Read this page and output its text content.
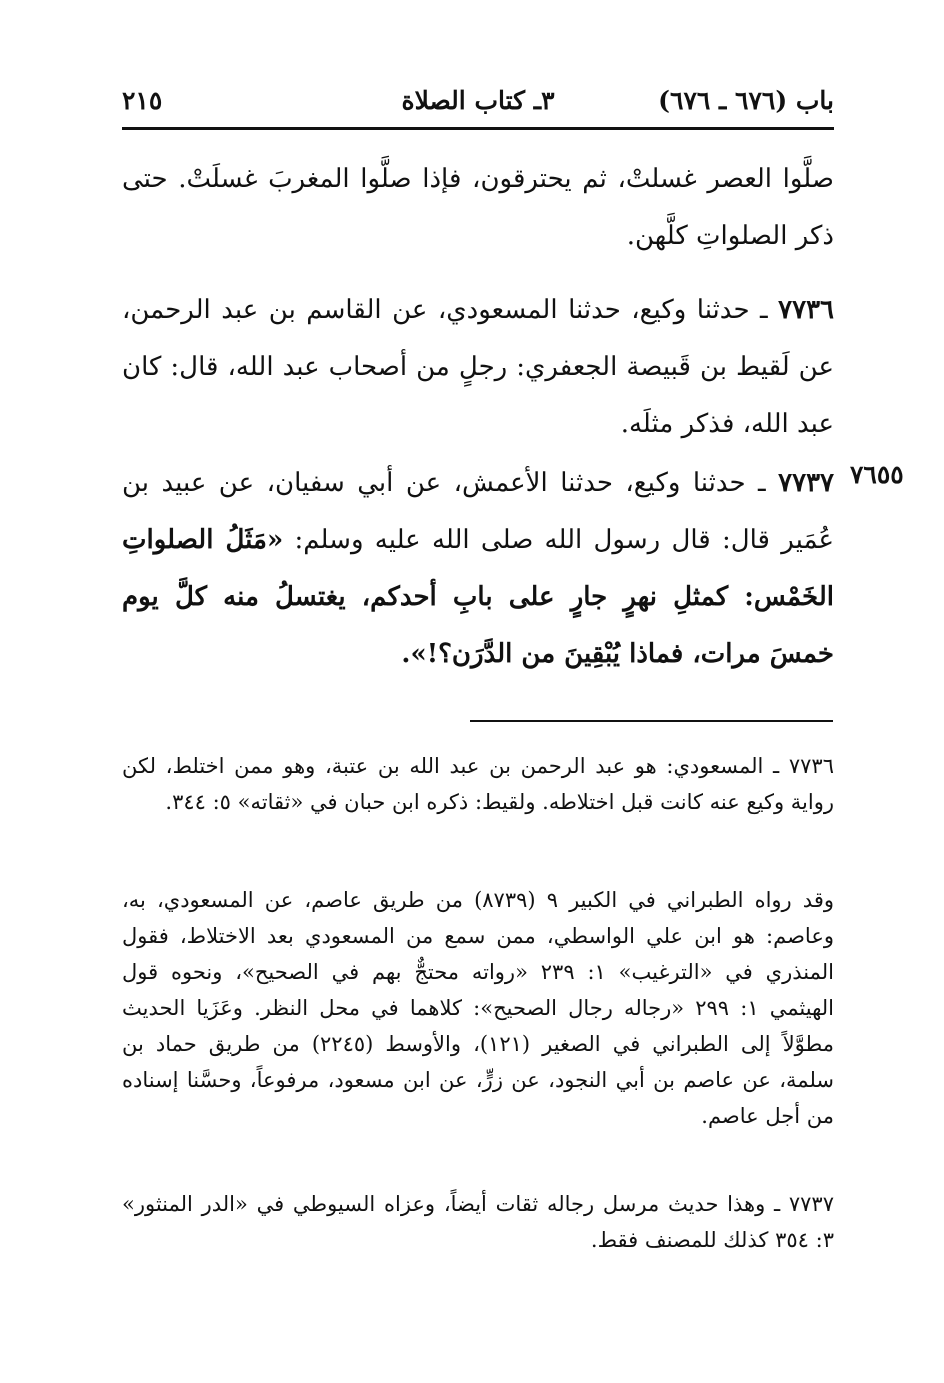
باب (٦٧٦ ـ ٦٧٦)
٣ـ كتاب الصلاة
٢١٥

صلَّوا العصر غسلتْ، ثم يحترقون، فإذا صلَّوا المغربَ غسلَتْ. حتى ذكر الصلواتِ كلَّهن.

٧٧٣٦ ـ حدثنا وكيع، حدثنا المسعودي، عن القاسم بن عبد الرحمن، عن لَقيط بن قَبيصة الجعفري: رجلٍ من أصحاب عبد الله، قال: كان عبد الله، فذكر مثلَه.

٧٦٥٥

٧٧٣٧ ـ حدثنا وكيع، حدثنا الأعمش، عن أبي سفيان، عن عبيد بن عُمَير قال: قال رسول الله صلى الله عليه وسلم: «مَثَلُ الصلواتِ الخَمْس: كمثلِ نهرٍ جارٍ على بابِ أحدكم، يغتسلُ منه كلَّ يوم خمسَ مرات، فماذا يُبْقِينَ من الدَّرَن؟!».

٧٧٣٦ ـ المسعودي: هو عبد الرحمن بن عبد الله بن عتبة، وهو ممن اختلط، لكن رواية وكيع عنه كانت قبل اختلاطه. ولقيط: ذكره ابن حبان في «ثقاته» ٥: ٣٤٤.

وقد رواه الطبراني في الكبير ٩ (٨٧٣٩) من طريق عاصم، عن المسعودي، به، وعاصم: هو ابن علي الواسطي، ممن سمع من المسعودي بعد الاختلاط، فقول المنذري في «الترغيب» ١: ٢٣٩ «رواته محتجٌّ بهم في الصحيح»، ونحوه قول الهيثمي ١: ٢٩٩ «رجاله رجال الصحيح»: كلاهما في محل النظر. وعَزَيا الحديث مطوَّلاً إلى الطبراني في الصغير (١٢١)، والأوسط (٢٢٤٥) من طريق حماد بن سلمة، عن عاصم بن أبي النجود، عن زرٍّ، عن ابن مسعود، مرفوعاً، وحسَّنا إسناده من أجل عاصم.

٧٧٣٧ ـ وهذا حديث مرسل رجاله ثقات أيضاً، وعزاه السيوطي في «الدر المنثور» ٣: ٣٥٤ كذلك للمصنف فقط.
